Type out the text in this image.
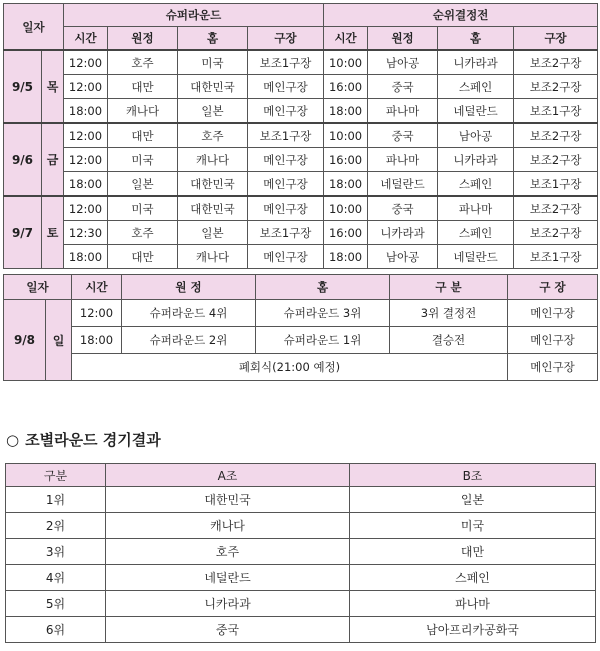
일자		슈퍼라운드				순위결정전			
		시간	원정	홈	구장	시간	원정	홈	구장
9/5	목	12:00	호주	미국	보조1구장	10:00	남아공	니카라과	보조2구장
		12:00	대만	대한민국	메인구장	16:00	중국	스페인	보조2구장
		18:00	캐나다	일본	메인구장	18:00	파나마	네덜란드	보조1구장
9/6	금	12:00	대만	호주	보조1구장	10:00	중국	남아공	보조2구장
		12:00	미국	캐나다	메인구장	16:00	파나마	니카라과	보조2구장
		18:00	일본	대한민국	메인구장	18:00	네덜란드	스페인	보조1구장
9/7	토	12:00	미국	대한민국	메인구장	10:00	중국	파나마	보조2구장
		12:30	호주	일본	보조1구장	16:00	니카라과	스페인	보조2구장
		18:00	대만	캐나다	메인구장	18:00	남아공	네덜란드	보조1구장
일자		시간	원 정	홈	구 분	구 장
9/8	일	12:00	슈퍼라운드 4위	슈퍼라운드 3위	3위 결정전	메인구장
		18:00	슈퍼라운드 2위	슈퍼라운드 1위	결승전	메인구장
		폐회식(21:00 예정)				메인구장
○ 조별라운드 경기결과
구분	A조	B조
1위	대한민국	일본
2위	캐나다	미국
3위	호주	대만
4위	네덜란드	스페인
5위	니카라과	파나마
6위	중국	남아프리카공화국
